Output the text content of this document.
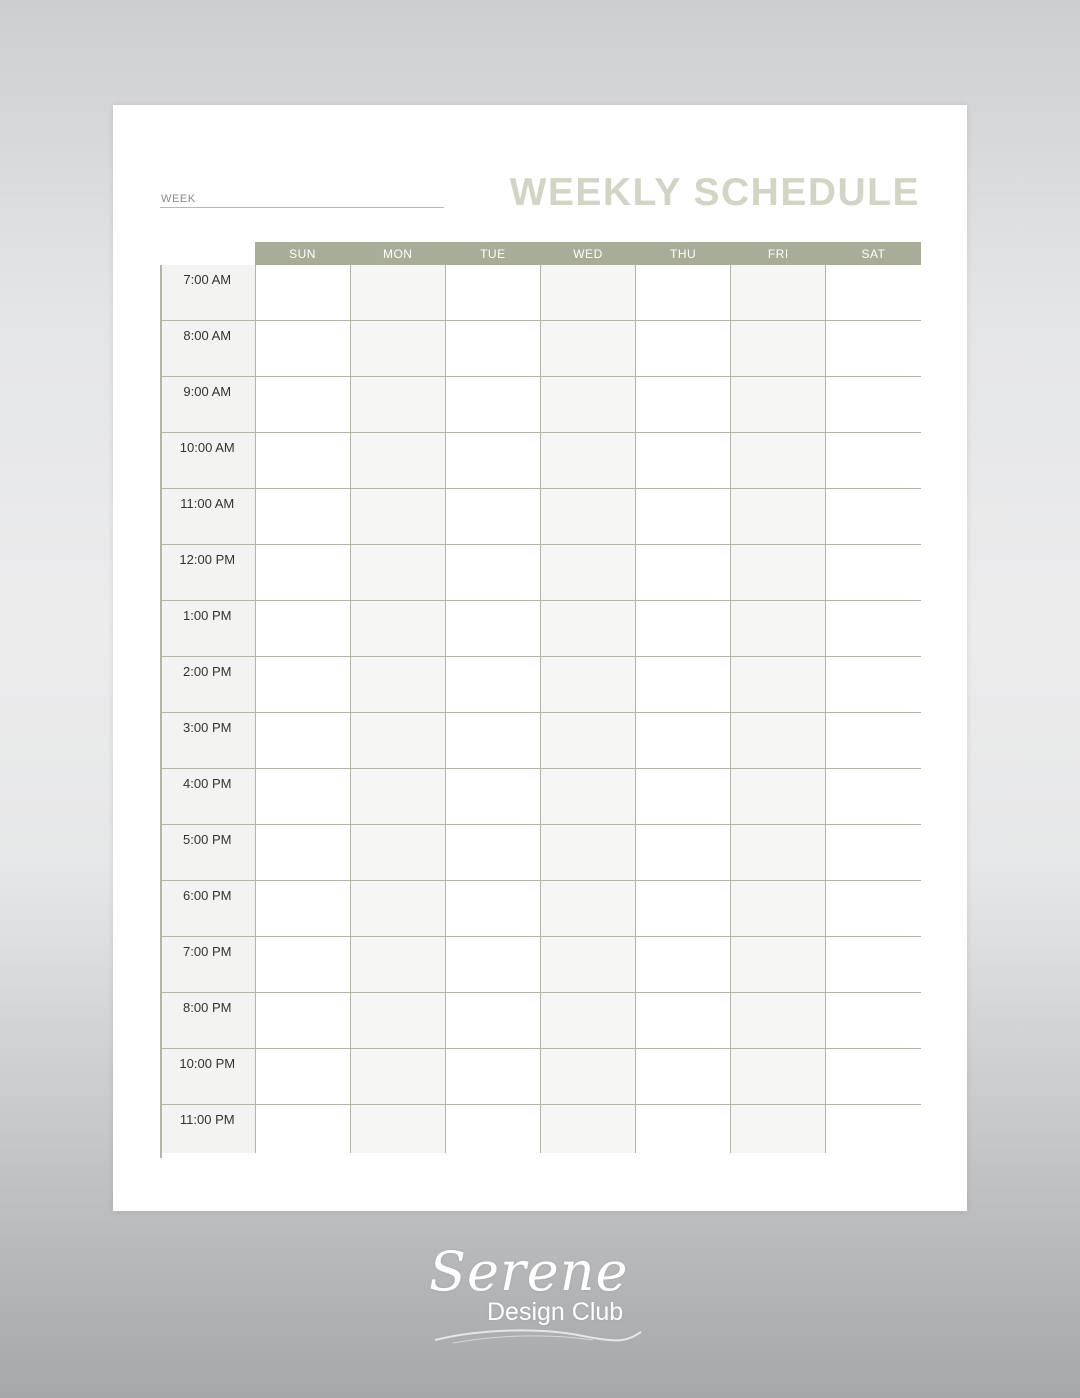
WEEK	WEEKLY SCHEDULE
	SUN	MON	TUE	WED	THU	FRI	SAT
7:00 AM							
8:00 AM							
9:00 AM							
10:00 AM							
11:00 AM							
12:00 PM							
1:00 PM							
2:00 PM							
3:00 PM							
4:00 PM							
5:00 PM							
6:00 PM							
7:00 PM							
8:00 PM							
10:00 PM							
11:00 PM							
Serene
Design Club
